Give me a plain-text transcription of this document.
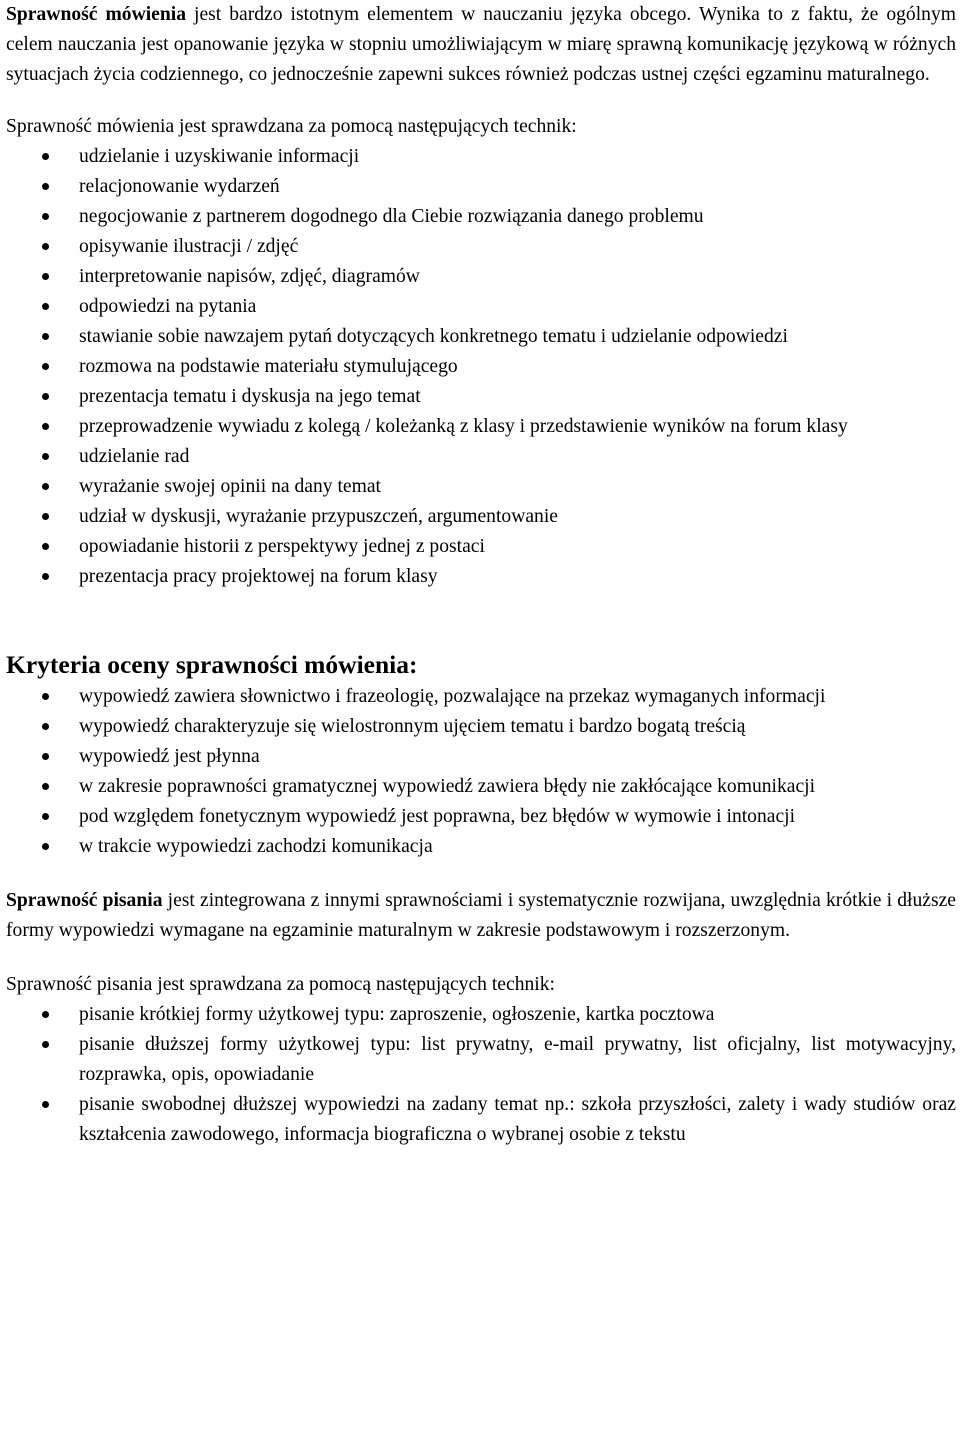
Sprawność mówienia jest bardzo istotnym elementem w nauczaniu języka obcego. Wynika to z faktu, że ogólnym celem nauczania jest opanowanie języka w stopniu umożliwiającym w miarę sprawną komunikację językową w różnych sytuacjach życia codziennego, co jednocześnie zapewni sukces również podczas ustnej części egzaminu maturalnego.

Sprawność mówienia jest sprawdzana za pomocą następujących technik:

udzielanie i uzyskiwanie informacji
relacjonowanie wydarzeń
negocjowanie z partnerem dogodnego dla Ciebie rozwiązania danego problemu
opisywanie ilustracji / zdjęć
interpretowanie napisów, zdjęć, diagramów
odpowiedzi na pytania
stawianie sobie nawzajem pytań dotyczących konkretnego tematu i udzielanie odpowiedzi
rozmowa na podstawie materiału stymulującego
prezentacja tematu i dyskusja na jego temat
przeprowadzenie wywiadu z kolegą / koleżanką z klasy i przedstawienie wyników na forum klasy
udzielanie rad
wyrażanie swojej opinii na dany temat
udział w dyskusji, wyrażanie przypuszczeń, argumentowanie
opowiadanie historii z perspektywy jednej z postaci
prezentacja pracy projektowej na forum klasy
Kryteria oceny sprawności mówienia:
wypowiedź zawiera słownictwo i frazeologię, pozwalające na przekaz wymaganych informacji
wypowiedź charakteryzuje się wielostronnym ujęciem tematu i bardzo bogatą treścią
wypowiedź jest płynna
w zakresie poprawności gramatycznej wypowiedź zawiera błędy nie zakłócające komunikacji
pod względem fonetycznym wypowiedź jest poprawna, bez błędów w wymowie i intonacji
w trakcie wypowiedzi zachodzi komunikacja

Sprawność pisania jest zintegrowana z innymi sprawnościami i systematycznie rozwijana, uwzględnia krótkie i dłuższe formy wypowiedzi wymagane na egzaminie maturalnym w zakresie podstawowym i rozszerzonym.

Sprawność pisania jest sprawdzana za pomocą następujących technik:

pisanie krótkiej formy użytkowej typu: zaproszenie, ogłoszenie, kartka pocztowa
pisanie dłuższej formy użytkowej typu: list prywatny, e-mail prywatny, list oficjalny, list motywacyjny, rozprawka, opis, opowiadanie
pisanie swobodnej dłuższej wypowiedzi na zadany temat np.: szkoła przyszłości, zalety i wady studiów oraz kształcenia zawodowego, informacja biograficzna o wybranej osobie z tekstu
